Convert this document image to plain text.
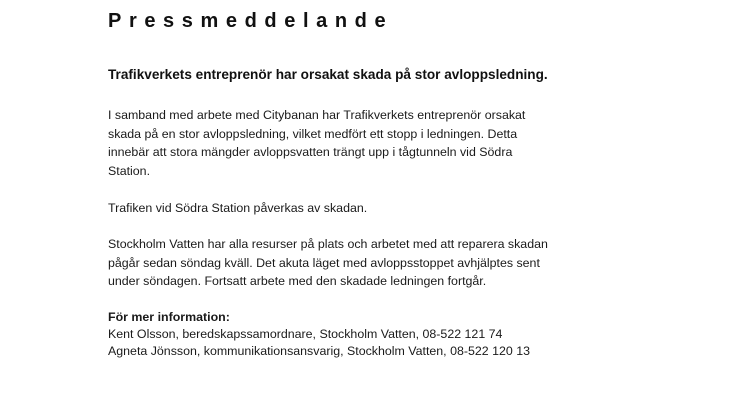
Pressmeddelande
Trafikverkets entreprenör har orsakat skada på stor avloppsledning.

I samband med arbete med Citybanan har Trafikverkets entreprenör orsakat
skada på en stor avloppsledning, vilket medfört ett stopp i ledningen. Detta
innebär att stora mängder avloppsvatten trängt upp i tågtunneln vid Södra
Station.

Trafiken vid Södra Station påverkas av skadan.

Stockholm Vatten har alla resurser på plats och arbetet med att reparera skadan
pågår sedan söndag kväll. Det akuta läget med avloppsstoppet avhjälptes sent
under söndagen. Fortsatt arbete med den skadade ledningen fortgår.

För mer information:
Kent Olsson, beredskapssamordnare, Stockholm Vatten, 08-522 121 74
Agneta Jönsson, kommunikationsansvarig, Stockholm Vatten, 08-522 120 13
